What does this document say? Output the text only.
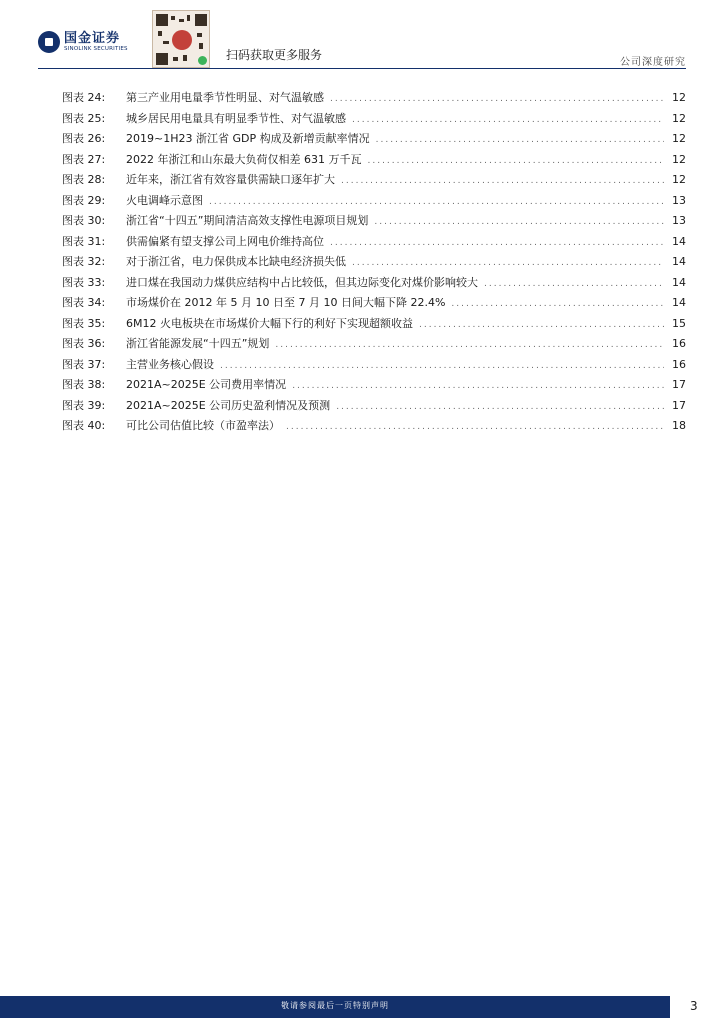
国金证券
SINOLINK SECURITIES	扫码获取更多服务
公司深度研究
图表 24:	第三产业用电量季节性明显、对气温敏感 .....	12
图表 25:	城乡居民用电量具有明显季节性、对气温敏感 .....	12
图表 26:	2019~1H23 浙江省 GDP 构成及新增贡献率情况 .....	12
图表 27:	2022 年浙江和山东最大负荷仅相差 631 万千瓦 .....	12
图表 28:	近年来，浙江省有效容量供需缺口逐年扩大 .....	12
图表 29:	火电调峰示意图 .....	13
图表 30:	浙江省“十四五”期间清洁高效支撑性电源项目规划 .....	13
图表 31:	供需偏紧有望支撑公司上网电价维持高位 .....	14
图表 32:	对于浙江省，电力保供成本比缺电经济损失低 .....	14
图表 33:	进口煤在我国动力煤供应结构中占比较低，但其边际变化对煤价影响较大 .....	14
图表 34:	市场煤价在 2012 年 5 月 10 日至 7 月 10 日间大幅下降 22.4% .....	14
图表 35:	6M12 火电板块在市场煤价大幅下行的利好下实现超额收益 .....	15
图表 36:	浙江省能源发展“十四五”规划 .....	16
图表 37:	主营业务核心假设 .....	16
图表 38:	2021A~2025E 公司费用率情况 .....	17
图表 39:	2021A~2025E 公司历史盈利情况及预测 .....	17
图表 40:	可比公司估值比较（市盈率法） .....	18
敬请参阅最后一页特别声明	3
